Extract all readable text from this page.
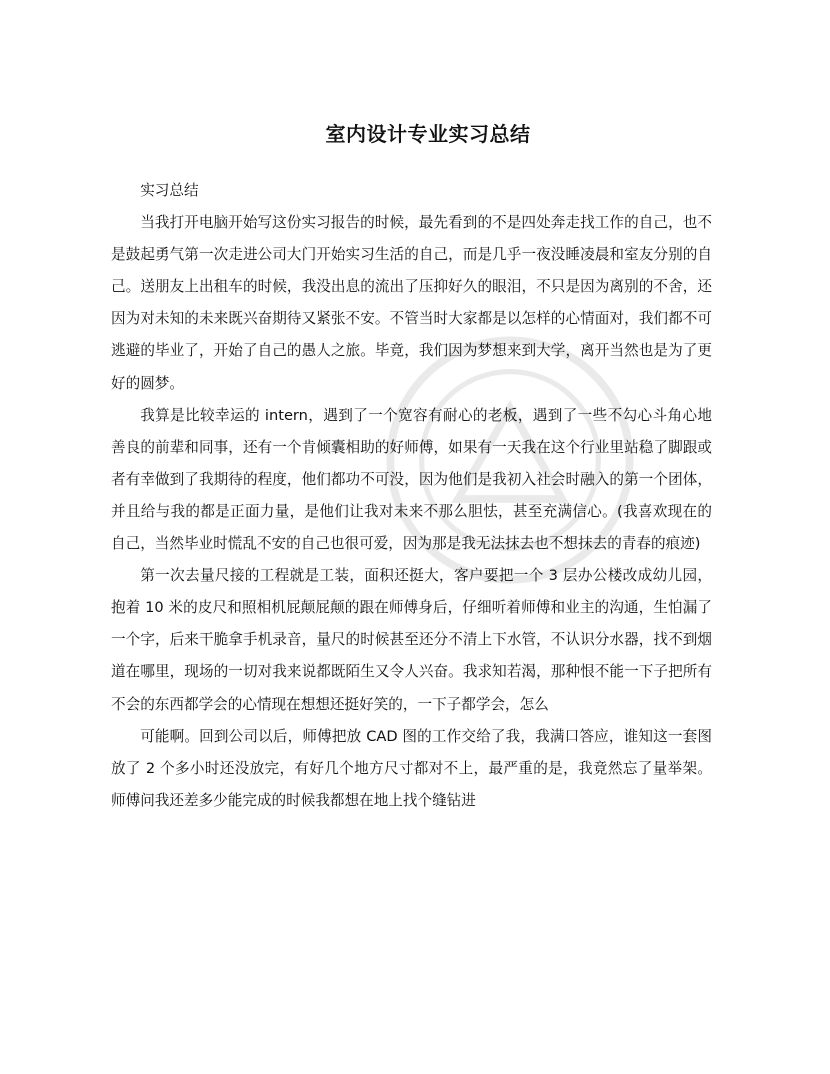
室内设计专业实习总结

实习总结

当我打开电脑开始写这份实习报告的时候，最先看到的不是四处奔走找工作的自己，也不是鼓起勇气第一次走进公司大门开始实习生活的自己，而是几乎一夜没睡凌晨和室友分别的自己。送朋友上出租车的时候，我没出息的流出了压抑好久的眼泪，不只是因为离别的不舍，还因为对未知的未来既兴奋期待又紧张不安。不管当时大家都是以怎样的心情面对，我们都不可逃避的毕业了，开始了自己的愚人之旅。毕竟，我们因为梦想来到大学，离开当然也是为了更好的圆梦。

我算是比较幸运的 intern，遇到了一个宽容有耐心的老板，遇到了一些不勾心斗角心地善良的前辈和同事，还有一个肯倾囊相助的好师傅，如果有一天我在这个行业里站稳了脚跟或者有幸做到了我期待的程度，他们都功不可没，因为他们是我初入社会时融入的第一个团体，并且给与我的都是正面力量，是他们让我对未来不那么胆怯，甚至充满信心。(我喜欢现在的自己，当然毕业时慌乱不安的自己也很可爱，因为那是我无法抹去也不想抹去的青春的痕迹)

第一次去量尺接的工程就是工装，面积还挺大，客户要把一个 3 层办公楼改成幼儿园，抱着 10 米的皮尺和照相机屁颠屁颠的跟在师傅身后，仔细听着师傅和业主的沟通，生怕漏了一个字，后来干脆拿手机录音，量尺的时候甚至还分不清上下水管，不认识分水器，找不到烟道在哪里，现场的一切对我来说都既陌生又令人兴奋。我求知若渴，那种恨不能一下子把所有不会的东西都学会的心情现在想想还挺好笑的，一下子都学会，怎么

可能啊。回到公司以后，师傅把放 CAD 图的工作交给了我，我满口答应，谁知这一套图放了 2 个多小时还没放完，有好几个地方尺寸都对不上，最严重的是，我竟然忘了量举架。师傅问我还差多少能完成的时候我都想在地上找个缝钻进
